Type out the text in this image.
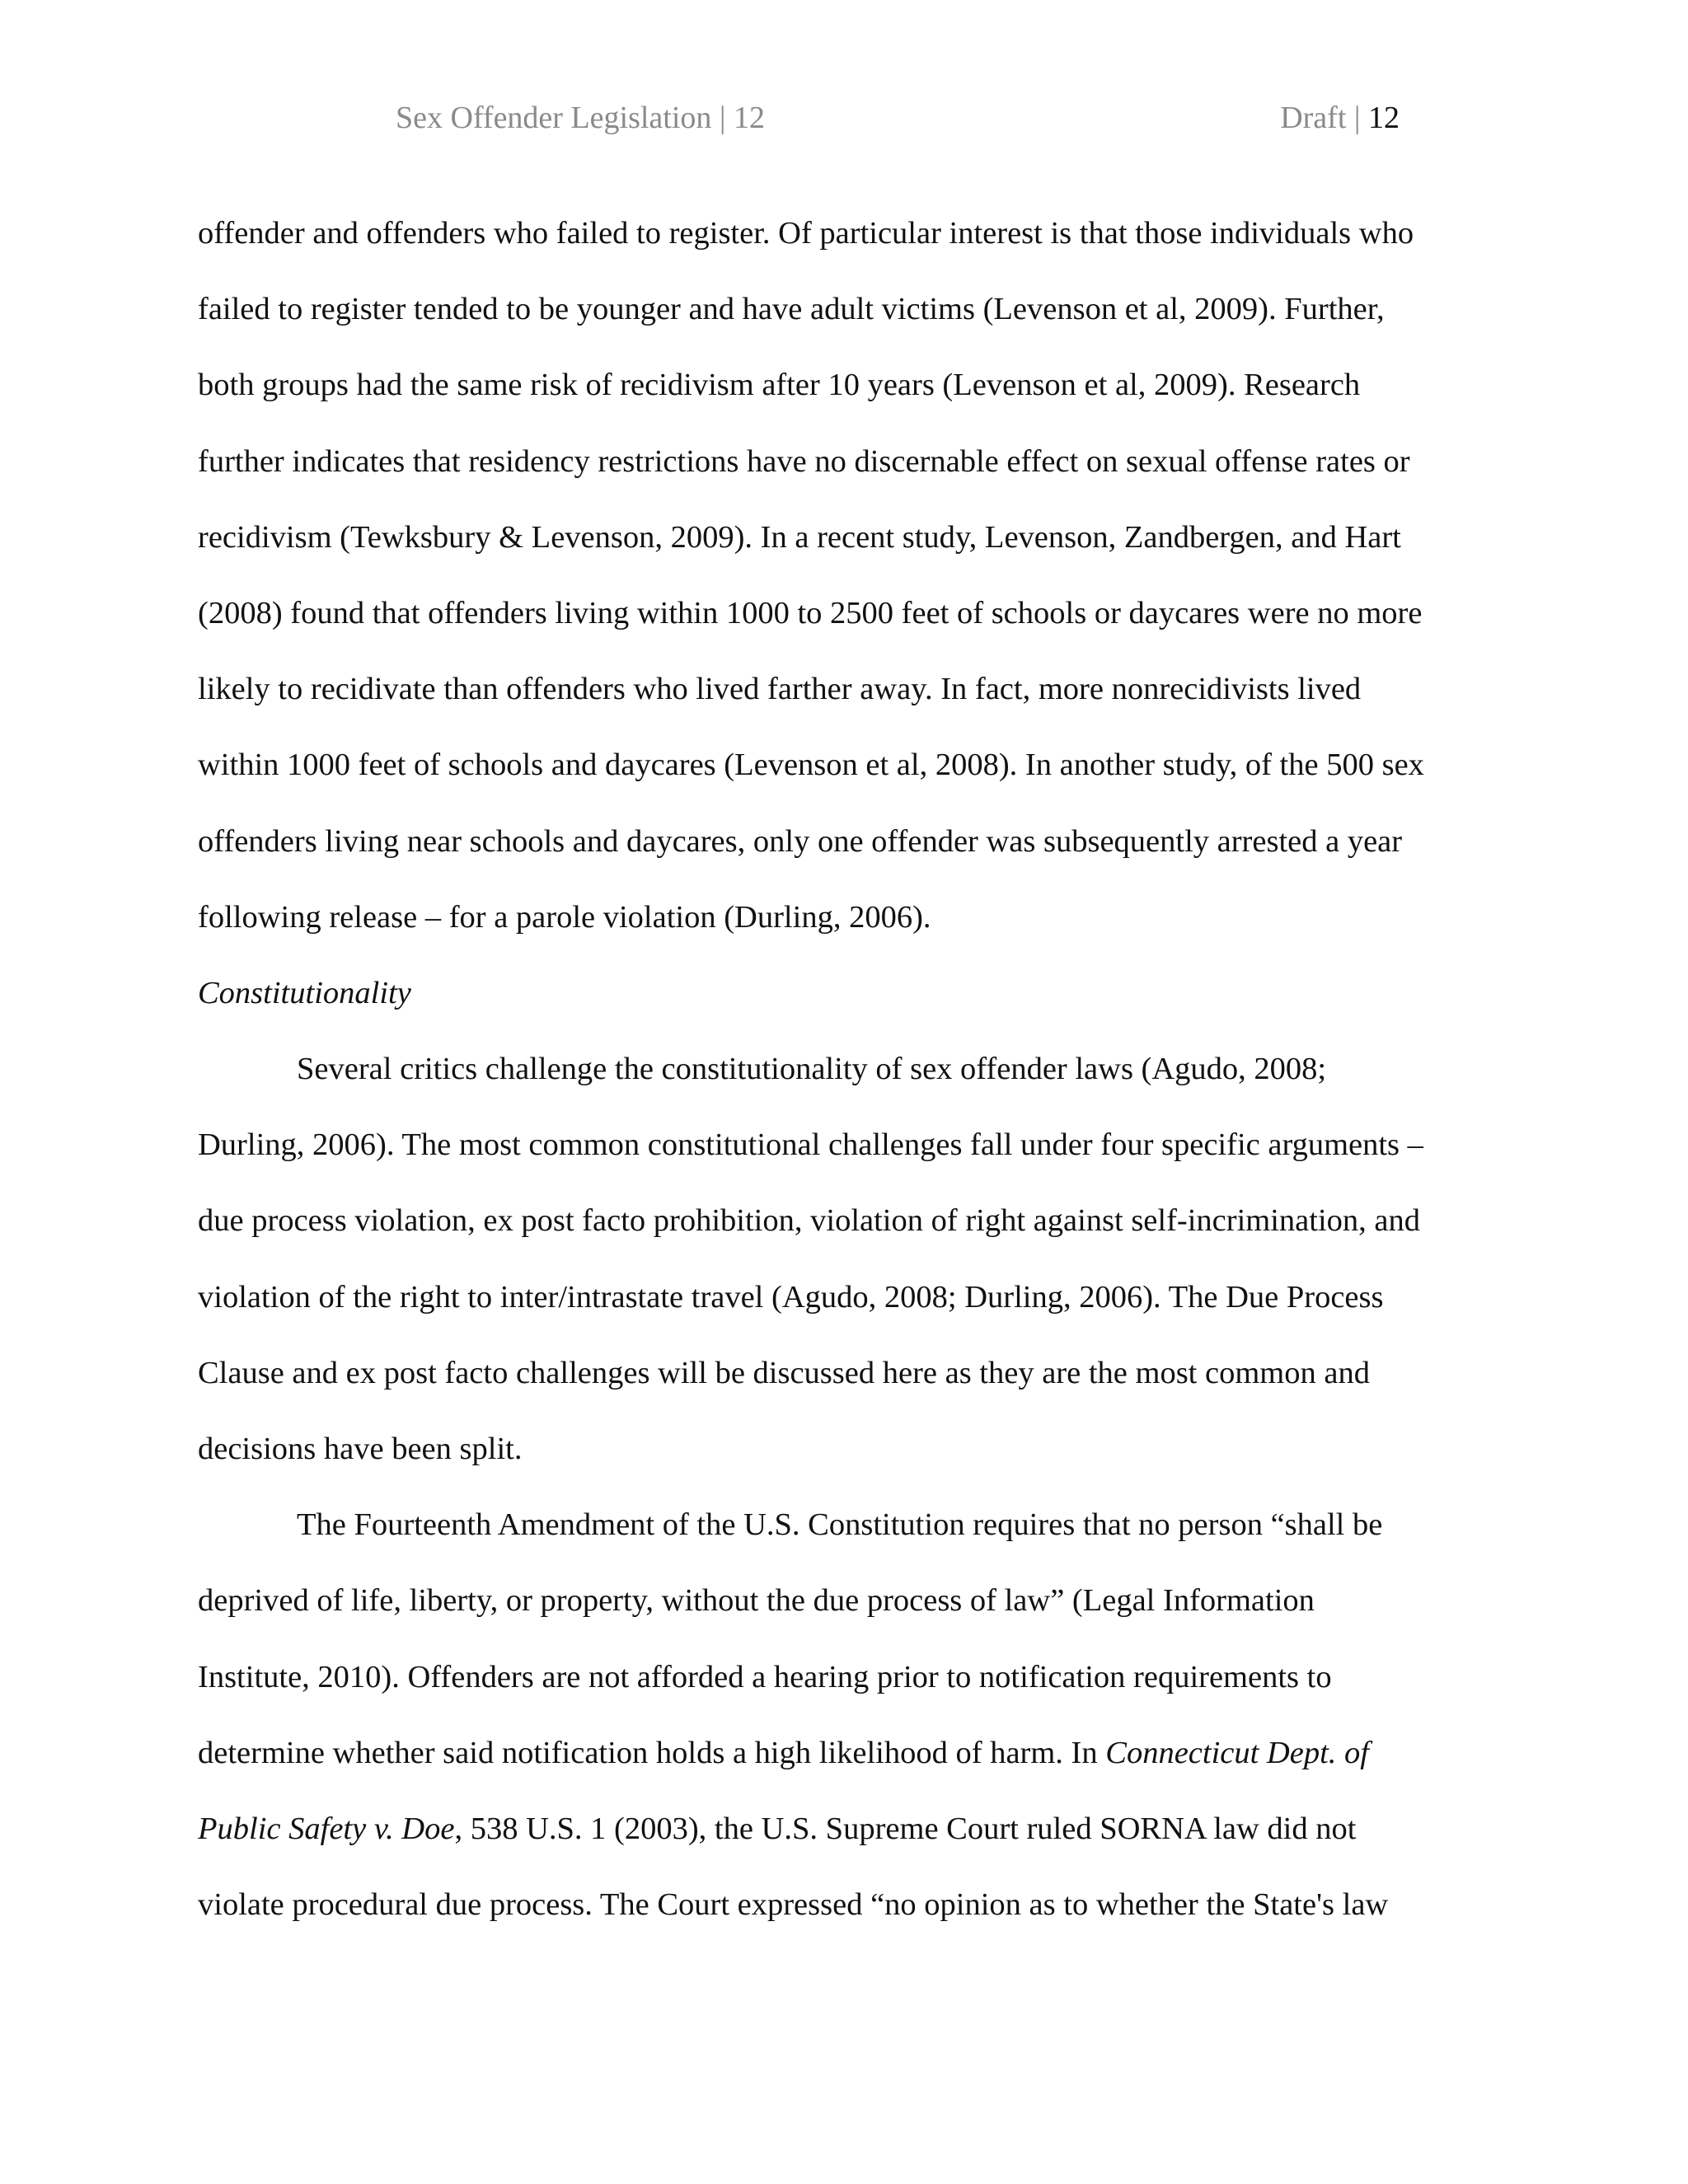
Sex Offender Legislation | 12	Draft | 12
offender and offenders who failed to register. Of particular interest is that those individuals who
failed to register tended to be younger and have adult victims (Levenson et al, 2009). Further,
both groups had the same risk of recidivism after 10 years (Levenson et al, 2009). Research
further indicates that residency restrictions have no discernable effect on sexual offense rates or
recidivism (Tewksbury & Levenson, 2009). In a recent study, Levenson, Zandbergen, and Hart
(2008) found that offenders living within 1000 to 2500 feet of schools or daycares were no more
likely to recidivate than offenders who lived farther away. In fact, more nonrecidivists lived
within 1000 feet of schools and daycares (Levenson et al, 2008). In another study, of the 500 sex
offenders living near schools and daycares, only one offender was subsequently arrested a year
following release – for a parole violation (Durling, 2006).
Constitutionality
Several critics challenge the constitutionality of sex offender laws (Agudo, 2008;
Durling, 2006). The most common constitutional challenges fall under four specific arguments –
due process violation, ex post facto prohibition, violation of right against self-incrimination, and
violation of the right to inter/intrastate travel (Agudo, 2008; Durling, 2006). The Due Process
Clause and ex post facto challenges will be discussed here as they are the most common and
decisions have been split.
The Fourteenth Amendment of the U.S. Constitution requires that no person “shall be
deprived of life, liberty, or property, without the due process of law” (Legal Information
Institute, 2010). Offenders are not afforded a hearing prior to notification requirements to
determine whether said notification holds a high likelihood of harm. In Connecticut Dept. of
Public Safety v. Doe, 538 U.S. 1 (2003), the U.S. Supreme Court ruled SORNA law did not
violate procedural due process. The Court expressed “no opinion as to whether the State's law
